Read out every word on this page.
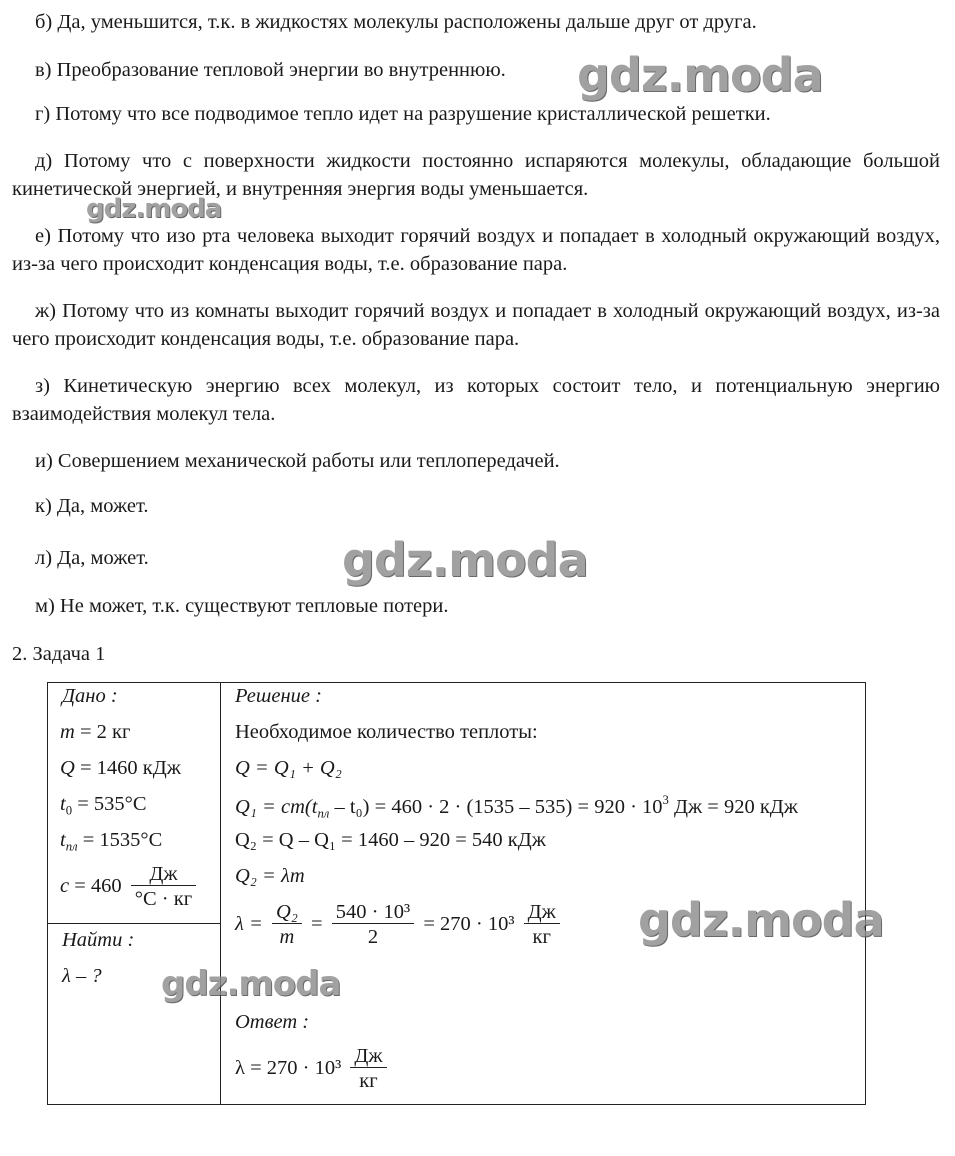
б) Да, уменьшится, т.к. в жидкостях молекулы расположены дальше друг от друга.
в) Преобразование тепловой энергии во внутреннюю.
г) Потому что все подводимое тепло идет на разрушение кристаллической решетки.
д) Потому что с поверхности жидкости постоянно испаряются молекулы, обладающие большой кинетической энергией, и внутренняя энергия воды уменьшается.
е) Потому что изо рта человека выходит горячий воздух и попадает в холодный окружающий воздух, из-за чего происходит конденсация воды, т.е. образование пара.
ж) Потому что из комнаты выходит горячий воздух и попадает в холодный окружающий воздух, из-за чего происходит конденсация воды, т.е. образование пара.
з) Кинетическую энергию всех молекул, из которых состоит тело, и потенциальную энергию взаимодействия молекул тела.
и) Совершением механической работы или теплопередачей.
к) Да, может.
л) Да, может.
м) Не может, т.к. существуют тепловые потери.
2. Задача 1
Дано :
m = 2 кг
Q = 1460 кДж
$t_0 = 535^\circ С$
$t_{пл} = 1535^\circ С$
$c = 460 \frac{Дж}{^\circ С \cdot кг}$
Найти :
λ – ?
Решение :
Необходимое количество теплоты:
Q = Q₁ + Q₂
$Q_1 = cm(t_{пл} - t_0) = 460 \cdot 2 \cdot (1535 - 535) = 920 \cdot 10^3$ Дж = 920 кДж
Q₂ = Q – Q₁ = 1460 – 920 = 540 кДж
Q₂ = λm
$\lambda = \frac{\text{Q₂}}{m} = \frac{\text{540 · 10³}}{2} = 270 \cdot 10^3 \frac{Дж}{кг}$
Ответ :
$\lambda = 270 \cdot 10^3 \frac{Дж}{кг}$
gdz.moda
gdz.moda
gdz.moda
gdz.moda
gdz.moda
